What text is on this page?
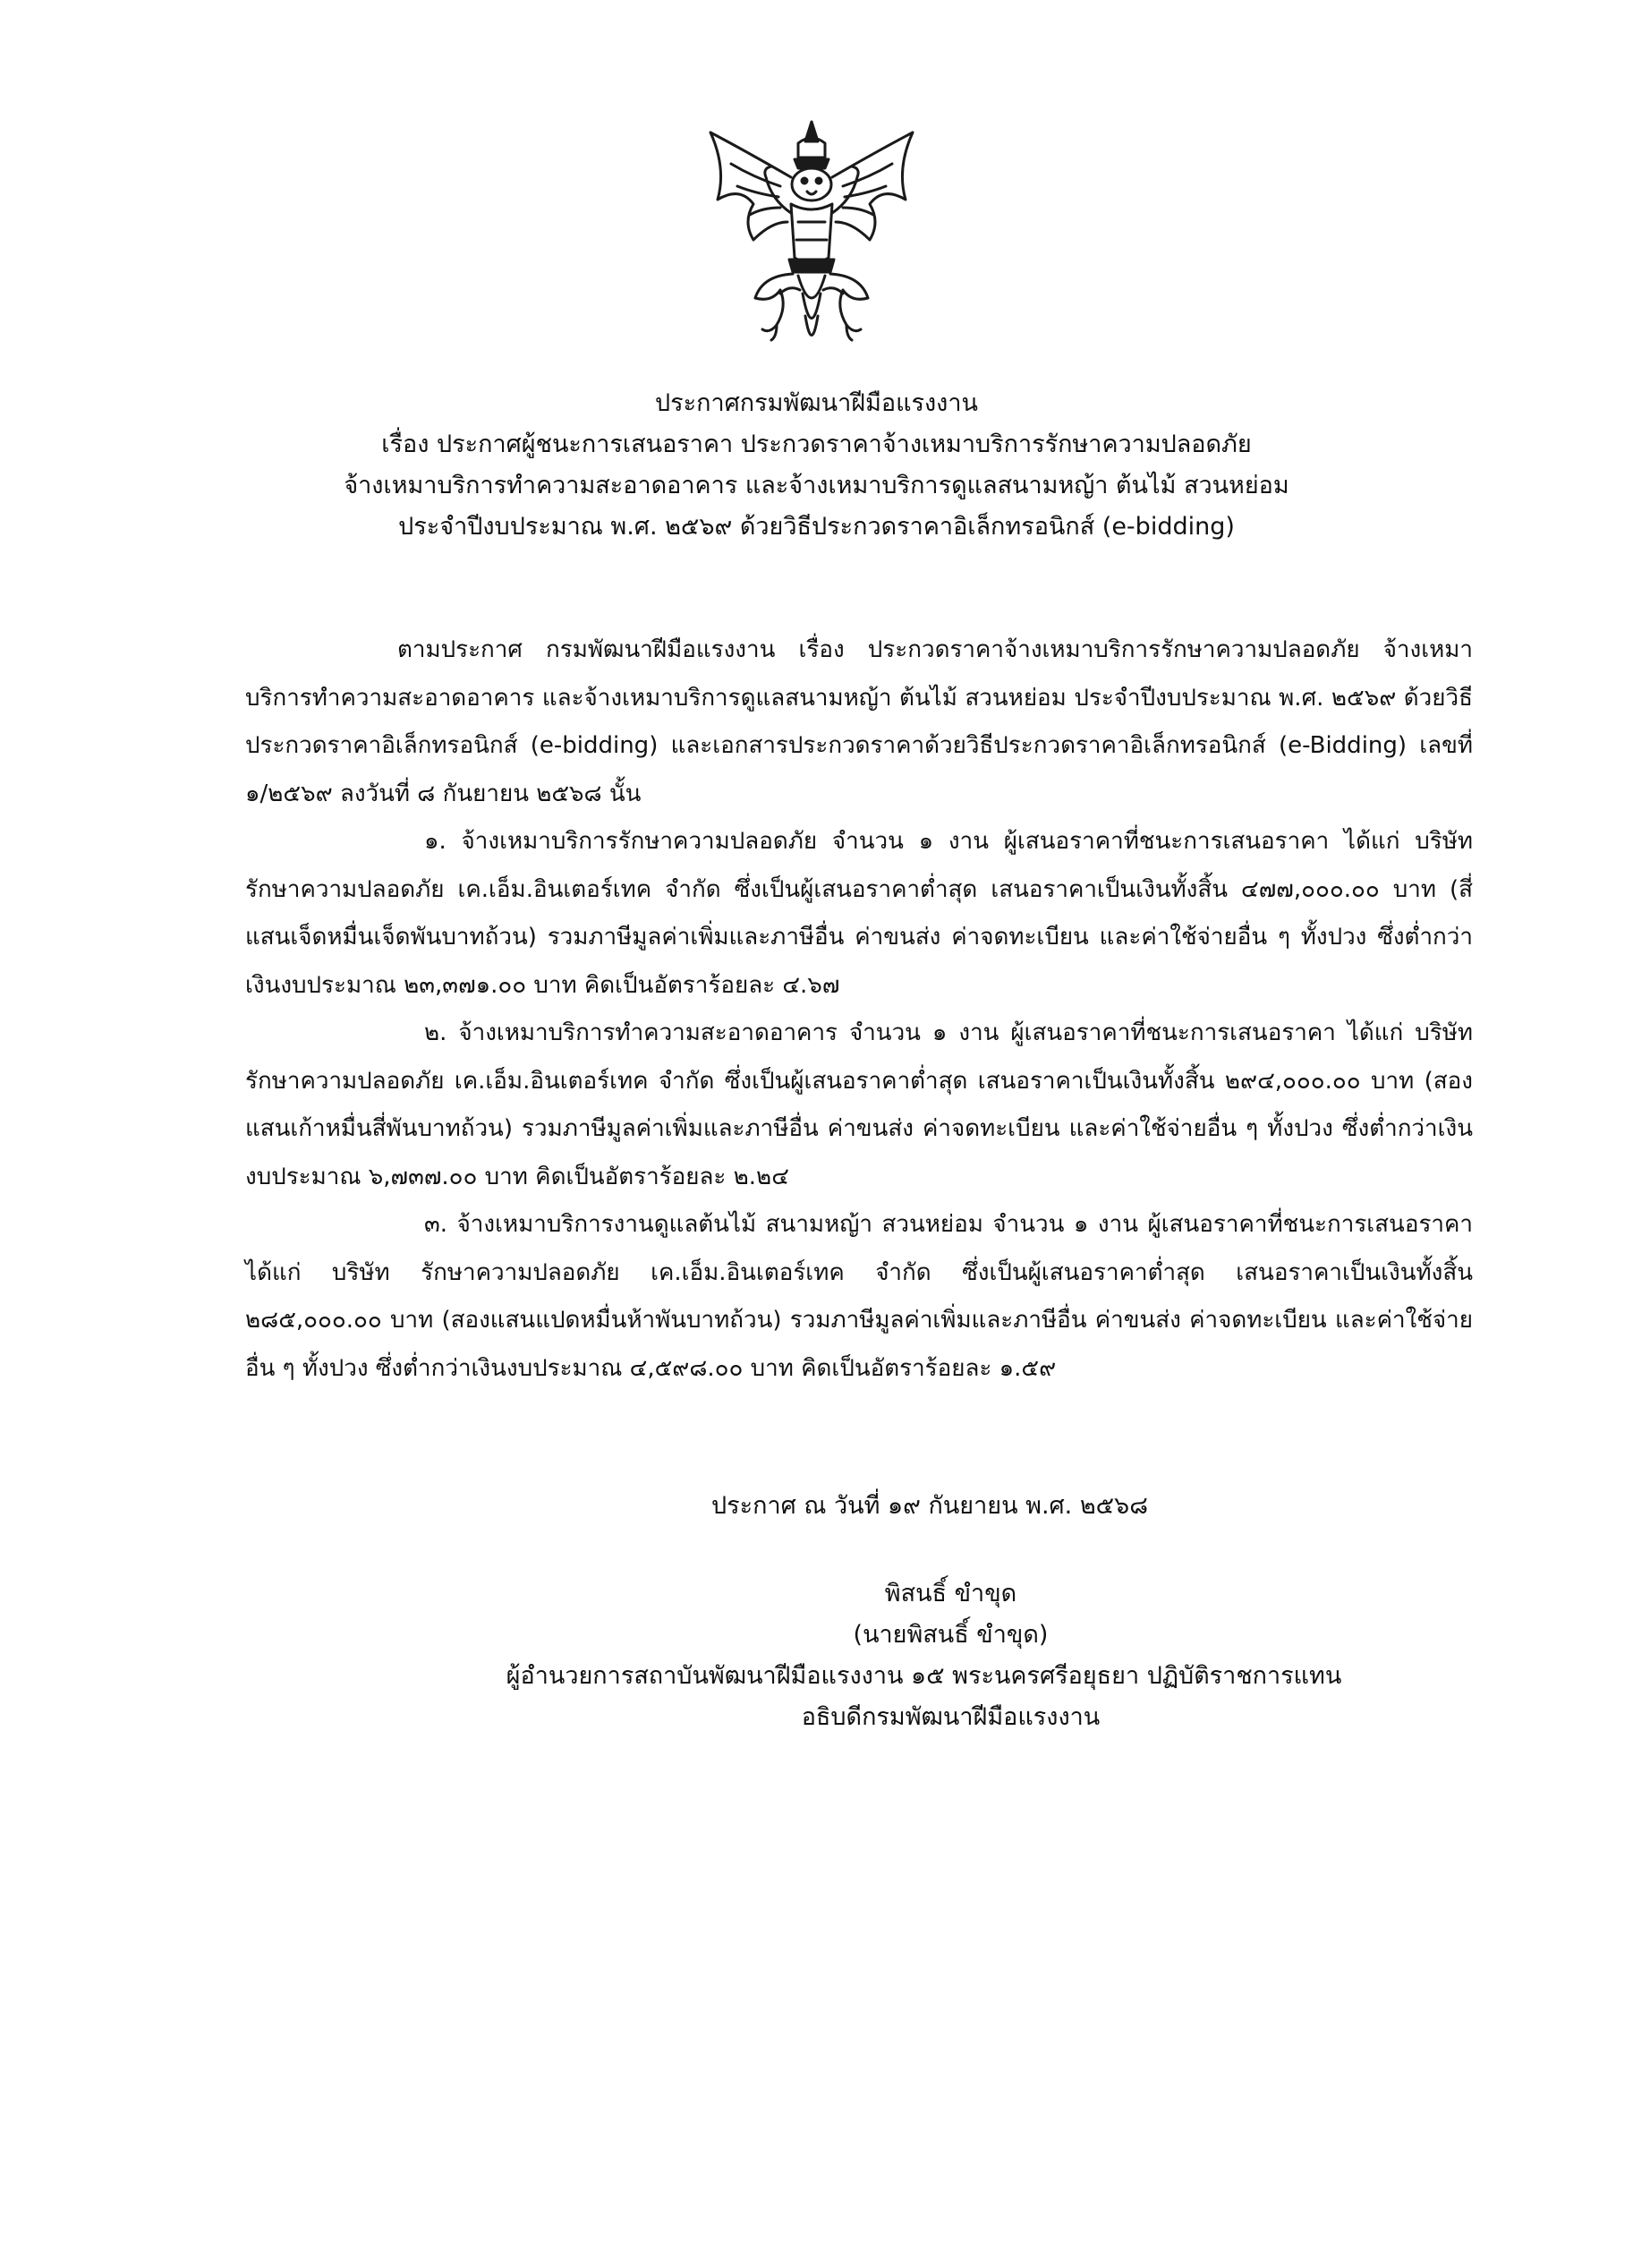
ประกาศกรมพัฒนาฝีมือแรงงาน
เรื่อง ประกาศผู้ชนะการเสนอราคา ประกวดราคาจ้างเหมาบริการรักษาความปลอดภัย
จ้างเหมาบริการทำความสะอาดอาคาร และจ้างเหมาบริการดูแลสนามหญ้า ต้นไม้ สวนหย่อม
ประจำปีงบประมาณ พ.ศ. ๒๕๖๙ ด้วยวิธีประกวดราคาอิเล็กทรอนิกส์ (e-bidding)

ตามประกาศ กรมพัฒนาฝีมือแรงงาน เรื่อง ประกวดราคาจ้างเหมาบริการรักษาความปลอดภัย จ้างเหมาบริการทำความสะอาดอาคาร และจ้างเหมาบริการดูแลสนามหญ้า ต้นไม้ สวนหย่อม ประจำปีงบประมาณ พ.ศ. ๒๕๖๙ ด้วยวิธีประกวดราคาอิเล็กทรอนิกส์ (e-bidding) และเอกสารประกวดราคาด้วยวิธีประกวดราคาอิเล็กทรอนิกส์ (e-Bidding) เลขที่ ๑/๒๕๖๙ ลงวันที่ ๘ กันยายน ๒๕๖๘ นั้น

๑. จ้างเหมาบริการรักษาความปลอดภัย จำนวน ๑ งาน ผู้เสนอราคาที่ชนะการเสนอราคา ได้แก่ บริษัท รักษาความปลอดภัย เค.เอ็ม.อินเตอร์เทค จำกัด ซึ่งเป็นผู้เสนอราคาต่ำสุด เสนอราคาเป็นเงินทั้งสิ้น ๔๗๗,๐๐๐.๐๐ บาท (สี่แสนเจ็ดหมื่นเจ็ดพันบาทถ้วน) รวมภาษีมูลค่าเพิ่มและภาษีอื่น ค่าขนส่ง ค่าจดทะเบียน และค่าใช้จ่ายอื่น ๆ ทั้งปวง ซึ่งต่ำกว่าเงินงบประมาณ ๒๓,๓๗๑.๐๐ บาท คิดเป็นอัตราร้อยละ ๔.๖๗

๒. จ้างเหมาบริการทำความสะอาดอาคาร จำนวน ๑ งาน ผู้เสนอราคาที่ชนะการเสนอราคา ได้แก่ บริษัท รักษาความปลอดภัย เค.เอ็ม.อินเตอร์เทค จำกัด ซึ่งเป็นผู้เสนอราคาต่ำสุด เสนอราคาเป็นเงินทั้งสิ้น ๒๙๔,๐๐๐.๐๐ บาท (สองแสนเก้าหมื่นสี่พันบาทถ้วน) รวมภาษีมูลค่าเพิ่มและภาษีอื่น ค่าขนส่ง ค่าจดทะเบียน และค่าใช้จ่ายอื่น ๆ ทั้งปวง ซึ่งต่ำกว่าเงินงบประมาณ ๖,๗๓๗.๐๐ บาท คิดเป็นอัตราร้อยละ ๒.๒๔

๓. จ้างเหมาบริการงานดูแลต้นไม้ สนามหญ้า สวนหย่อม จำนวน ๑ งาน ผู้เสนอราคาที่ชนะการเสนอราคา ได้แก่ บริษัท รักษาความปลอดภัย เค.เอ็ม.อินเตอร์เทค จำกัด ซึ่งเป็นผู้เสนอราคาต่ำสุด เสนอราคาเป็นเงินทั้งสิ้น ๒๘๕,๐๐๐.๐๐ บาท (สองแสนแปดหมื่นห้าพันบาทถ้วน) รวมภาษีมูลค่าเพิ่มและภาษีอื่น ค่าขนส่ง ค่าจดทะเบียน และค่าใช้จ่ายอื่น ๆ ทั้งปวง ซึ่งต่ำกว่าเงินงบประมาณ ๔,๕๙๘.๐๐ บาท คิดเป็นอัตราร้อยละ ๑.๕๙

ประกาศ ณ วันที่ ๑๙ กันยายน พ.ศ. ๒๕๖๘
พิสนธิ์ ขำขุด
(นายพิสนธิ์ ขำขุด)
ผู้อำนวยการสถาบันพัฒนาฝีมือแรงงาน ๑๕ พระนครศรีอยุธยา ปฏิบัติราชการแทน
อธิบดีกรมพัฒนาฝีมือแรงงาน
